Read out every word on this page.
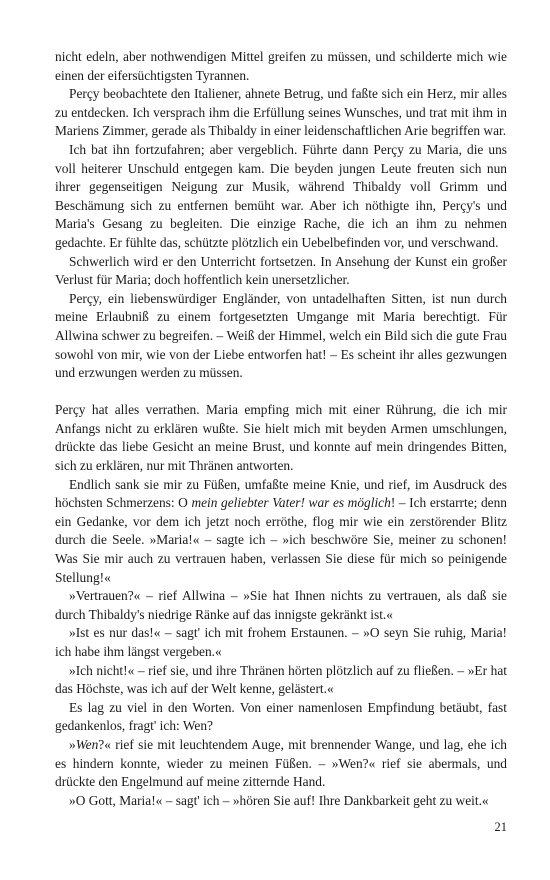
nicht edeln, aber nothwendigen Mittel greifen zu müssen, und schilderte mich wie einen der eifersüchtigsten Tyrannen.

Perçy beobachtete den Italiener, ahnete Betrug, und faßte sich ein Herz, mir alles zu entdecken. Ich versprach ihm die Erfüllung seines Wunsches, und trat mit ihm in Mariens Zimmer, gerade als Thibaldy in einer leidenschaftlichen Arie begriffen war.

Ich bat ihn fortzufahren; aber vergeblich. Führte dann Perçy zu Maria, die uns voll heiterer Unschuld entgegen kam. Die beyden jungen Leute freuten sich nun ihrer gegenseitigen Neigung zur Musik, während Thibaldy voll Grimm und Beschämung sich zu entfernen bemüht war. Aber ich nöthigte ihn, Perçy's und Maria's Gesang zu begleiten. Die einzige Rache, die ich an ihm zu nehmen gedachte. Er fühlte das, schützte plötzlich ein Uebelbefinden vor, und verschwand.

Schwerlich wird er den Unterricht fortsetzen. In Ansehung der Kunst ein großer Verlust für Maria; doch hoffentlich kein unersetzlicher.

Perçy, ein liebenswürdiger Engländer, von untadelhaften Sitten, ist nun durch meine Erlaubniß zu einem fortgesetzten Umgange mit Maria berechtigt. Für Allwina schwer zu begreifen. – Weiß der Himmel, welch ein Bild sich die gute Frau sowohl von mir, wie von der Liebe entworfen hat! – Es scheint ihr alles gezwungen und erzwungen werden zu müssen.

Perçy hat alles verrathen. Maria empfing mich mit einer Rührung, die ich mir Anfangs nicht zu erklären wußte. Sie hielt mich mit beyden Armen umschlungen, drückte das liebe Gesicht an meine Brust, und konnte auf mein dringendes Bitten, sich zu erklären, nur mit Thränen antworten.

Endlich sank sie mir zu Füßen, umfaßte meine Knie, und rief, im Ausdruck des höchsten Schmerzens: O mein geliebter Vater! war es möglich! – Ich erstarrte; denn ein Gedanke, vor dem ich jetzt noch erröthe, flog mir wie ein zerstörender Blitz durch die Seele. »Maria!« – sagte ich – »ich beschwöre Sie, meiner zu schonen! Was Sie mir auch zu vertrauen haben, verlassen Sie diese für mich so peinigende Stellung!«

»Vertrauen?« – rief Allwina – »Sie hat Ihnen nichts zu vertrauen, als daß sie durch Thibaldy's niedrige Ränke auf das innigste gekränkt ist.«

»Ist es nur das!« – sagt' ich mit frohem Erstaunen. – »O seyn Sie ruhig, Maria! ich habe ihm längst vergeben.«

»Ich nicht!« – rief sie, und ihre Thränen hörten plötzlich auf zu fließen. – »Er hat das Höchste, was ich auf der Welt kenne, gelästert.«

Es lag zu viel in den Worten. Von einer namenlosen Empfindung betäubt, fast gedankenlos, fragt' ich: Wen?

»Wen?« rief sie mit leuchtendem Auge, mit brennender Wange, und lag, ehe ich es hindern konnte, wieder zu meinen Füßen. – »Wen?« rief sie abermals, und drückte den Engelmund auf meine zitternde Hand.

»O Gott, Maria!« – sagt' ich – »hören Sie auf! Ihre Dankbarkeit geht zu weit.«

21
